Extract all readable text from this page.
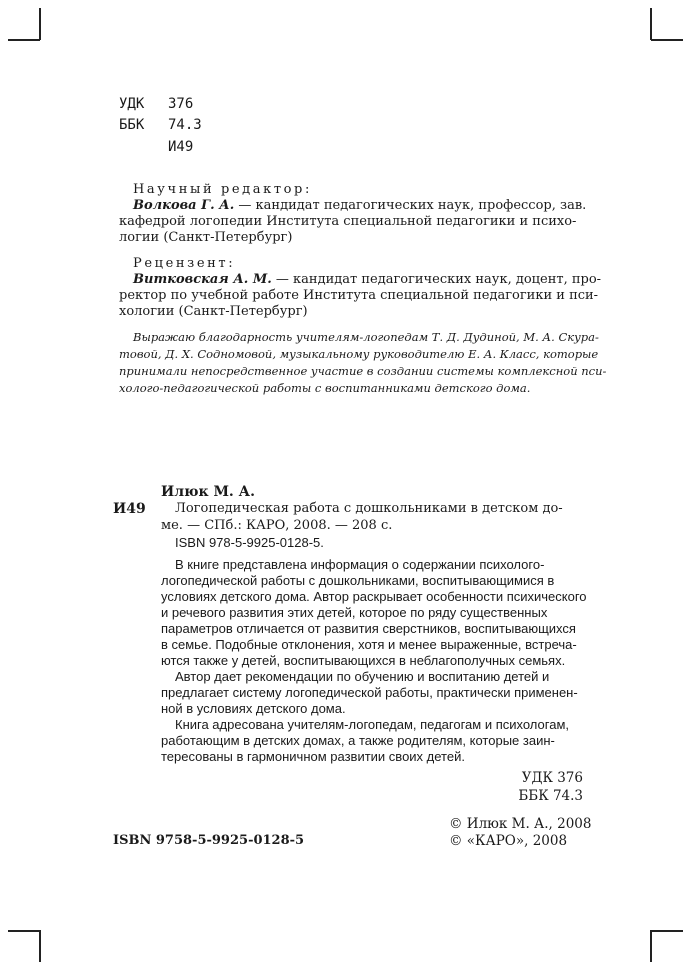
УДК 376
ББК 74.3
И49
Научный редактор:
Волкова Г. А. — кандидат педагогических наук, профессор, зав.
кафедрой логопедии Института специальной педагогики и психо-
логии (Санкт-Петербург)
Рецензент:
Витковская А. М. — кандидат педагогических наук, доцент, про-
ректор по учебной работе Института специальной педагогики и пси-
хологии (Санкт-Петербург)
Выражаю благодарность учителям-логопедам Т. Д. Дудиной, М. А. Скура-
товой, Д. Х. Содномовой, музыкальному руководителю Е. А. Класс, которые
принимали непосредственное участие в создании системы комплексной пси-
холого-педагогической работы с воспитанниками детского дома.
Илюк М. А.
И49 Логопедическая работа с дошкольниками в детском до-
ме. — СПб.: КАРО, 2008. — 208 с.
ISBN 978-5-9925-0128-5.
В книге представлена информация о содержании психолого-
логопедической работы с дошкольниками, воспитывающимися в
условиях детского дома. Автор раскрывает особенности психического
и речевого развития этих детей, которое по ряду существенных
параметров отличается от развития сверстников, воспитывающихся
в семье. Подобные отклонения, хотя и менее выраженные, встреча-
ются также у детей, воспитывающихся в неблагополучных семьях.
Автор дает рекомендации по обучению и воспитанию детей и
предлагает систему логопедической работы, практически применен-
ной в условиях детского дома.
Книга адресована учителям-логопедам, педагогам и психологам,
работающим в детских домах, а также родителям, которые заин-
тересованы в гармоничном развитии своих детей.
УДК 376
ББК 74.3
ISBN 9758-5-9925-0128-5
© Илюк М. А., 2008
© «КАРО», 2008
